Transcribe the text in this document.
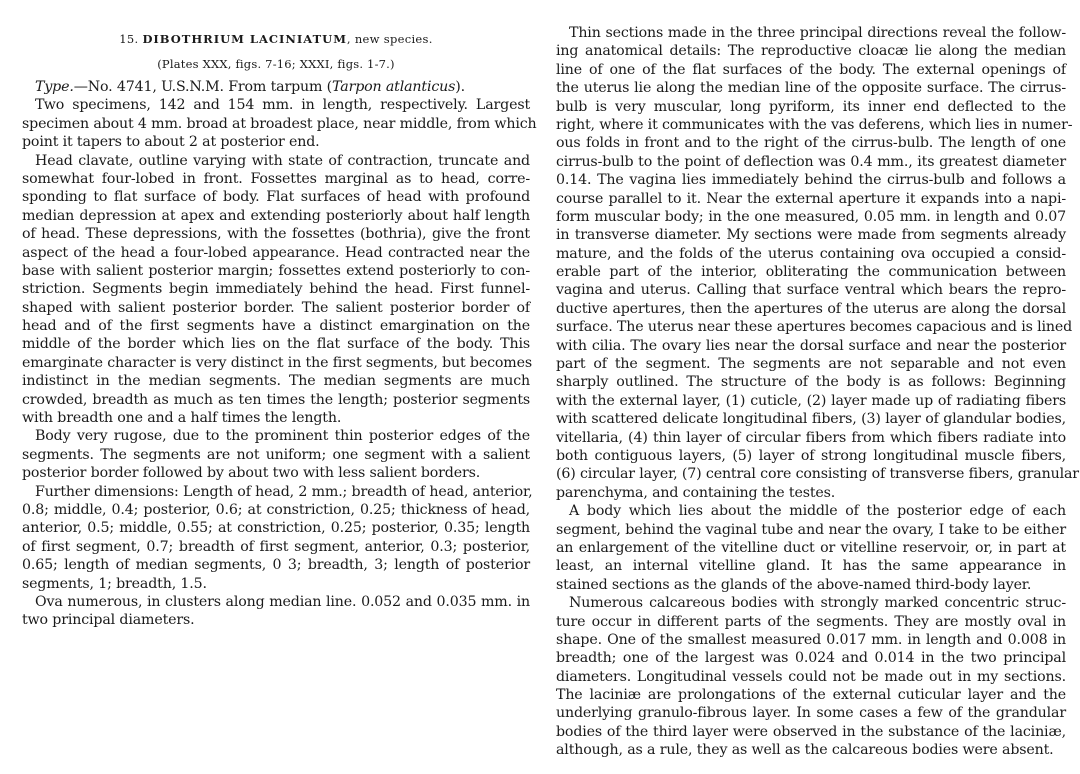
15. DIBOTHRIUM LACINIATUM, new species.
(Plates XXX, figs. 7-16; XXXI, figs. 1-7.)
Type.—No. 4741, U.S.N.M. From tarpum (Tarpon atlanticus).
Two specimens, 142 and 154 mm. in length, respectively. Largest
specimen about 4 mm. broad at broadest place, near middle, from which
point it tapers to about 2 at posterior end.
Head clavate, outline varying with state of contraction, truncate and
somewhat four-lobed in front. Fossettes marginal as to head, corre-
sponding to flat surface of body. Flat surfaces of head with profound
median depression at apex and extending posteriorly about half length
of head. These depressions, with the fossettes (bothria), give the front
aspect of the head a four-lobed appearance. Head contracted near the
base with salient posterior margin; fossettes extend posteriorly to con-
striction. Segments begin immediately behind the head. First funnel-
shaped with salient posterior border. The salient posterior border of
head and of the first segments have a distinct emargination on the
middle of the border which lies on the flat surface of the body. This
emarginate character is very distinct in the first segments, but becomes
indistinct in the median segments. The median segments are much
crowded, breadth as much as ten times the length; posterior segments
with breadth one and a half times the length.
Body very rugose, due to the prominent thin posterior edges of the
segments. The segments are not uniform; one segment with a salient
posterior border followed by about two with less salient borders.
Further dimensions: Length of head, 2 mm.; breadth of head, anterior,
0.8; middle, 0.4; posterior, 0.6; at constriction, 0.25; thickness of head,
anterior, 0.5; middle, 0.55; at constriction, 0.25; posterior, 0.35; length
of first segment, 0.7; breadth of first segment, anterior, 0.3; posterior,
0.65; length of median segments, 0 3; breadth, 3; length of posterior
segments, 1; breadth, 1.5.
Ova numerous, in clusters along median line. 0.052 and 0.035 mm. in
two principal diameters.
Thin sections made in the three principal directions reveal the follow-
ing anatomical details: The reproductive cloacæ lie along the median
line of one of the flat surfaces of the body. The external openings of
the uterus lie along the median line of the opposite surface. The cirrus-
bulb is very muscular, long pyriform, its inner end deflected to the
right, where it communicates with the vas deferens, which lies in numer-
ous folds in front and to the right of the cirrus-bulb. The length of one
cirrus-bulb to the point of deflection was 0.4 mm., its greatest diameter
0.14. The vagina lies immediately behind the cirrus-bulb and follows a
course parallel to it. Near the external aperture it expands into a napi-
form muscular body; in the one measured, 0.05 mm. in length and 0.07
in transverse diameter. My sections were made from segments already
mature, and the folds of the uterus containing ova occupied a consid-
erable part of the interior, obliterating the communication between
vagina and uterus. Calling that surface ventral which bears the repro-
ductive apertures, then the apertures of the uterus are along the dorsal
surface. The uterus near these apertures becomes capacious and is lined
with cilia. The ovary lies near the dorsal surface and near the posterior
part of the segment. The segments are not separable and not even
sharply outlined. The structure of the body is as follows: Beginning
with the external layer, (1) cuticle, (2) layer made up of radiating fibers
with scattered delicate longitudinal fibers, (3) layer of glandular bodies,
vitellaria, (4) thin layer of circular fibers from which fibers radiate into
both contiguous layers, (5) layer of strong longitudinal muscle fibers,
(6) circular layer, (7) central core consisting of transverse fibers, granular
parenchyma, and containing the testes.
A body which lies about the middle of the posterior edge of each
segment, behind the vaginal tube and near the ovary, I take to be either
an enlargement of the vitelline duct or vitelline reservoir, or, in part at
least, an internal vitelline gland. It has the same appearance in
stained sections as the glands of the above-named third-body layer.
Numerous calcareous bodies with strongly marked concentric struc-
ture occur in different parts of the segments. They are mostly oval in
shape. One of the smallest measured 0.017 mm. in length and 0.008 in
breadth; one of the largest was 0.024 and 0.014 in the two principal
diameters. Longitudinal vessels could not be made out in my sections.
The laciniæ are prolongations of the external cuticular layer and the
underlying granulo-fibrous layer. In some cases a few of the grandular
bodies of the third layer were observed in the substance of the laciniæ,
although, as a rule, they as well as the calcareous bodies were absent.
